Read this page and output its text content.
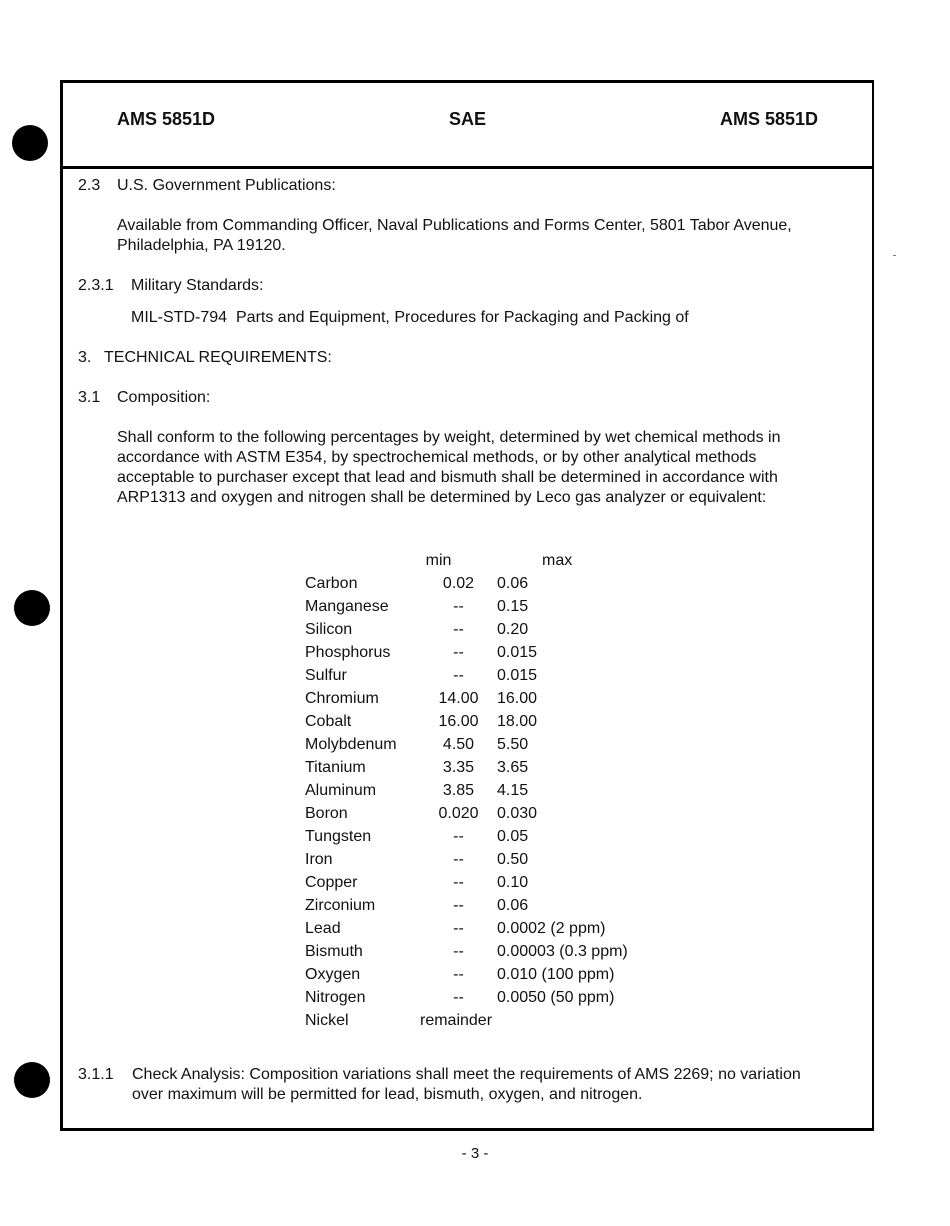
AMS 5851D	SAE	AMS 5851D
2.3 U.S. Government Publications:
Available from Commanding Officer, Naval Publications and Forms Center, 5801 Tabor Avenue, Philadelphia, PA 19120.
2.3.1 Military Standards:
MIL-STD-794 Parts and Equipment, Procedures for Packaging and Packing of
3. TECHNICAL REQUIREMENTS:
3.1 Composition:
Shall conform to the following percentages by weight, determined by wet chemical methods in accordance with ASTM E354, by spectrochemical methods, or by other analytical methods acceptable to purchaser except that lead and bismuth shall be determined in accordance with ARP1313 and oxygen and nitrogen shall be determined by Leco gas analyzer or equivalent:
	min	max
Carbon	0.02	0.06
Manganese	--	0.15
Silicon	--	0.20
Phosphorus	--	0.015
Sulfur	--	0.015
Chromium	14.00	16.00
Cobalt	16.00	18.00
Molybdenum	4.50	5.50
Titanium	3.35	3.65
Aluminum	3.85	4.15
Boron	0.020	0.030
Tungsten	--	0.05
Iron	--	0.50
Copper	--	0.10
Zirconium	--	0.06
Lead	--	0.0002 (2 ppm)
Bismuth	--	0.00003 (0.3 ppm)
Oxygen	--	0.010 (100 ppm)
Nitrogen	--	0.0050 (50 ppm)
Nickel	remainder	
3.1.1 Check Analysis: Composition variations shall meet the requirements of AMS 2269; no variation over maximum will be permitted for lead, bismuth, oxygen, and nitrogen.
- 3 -
